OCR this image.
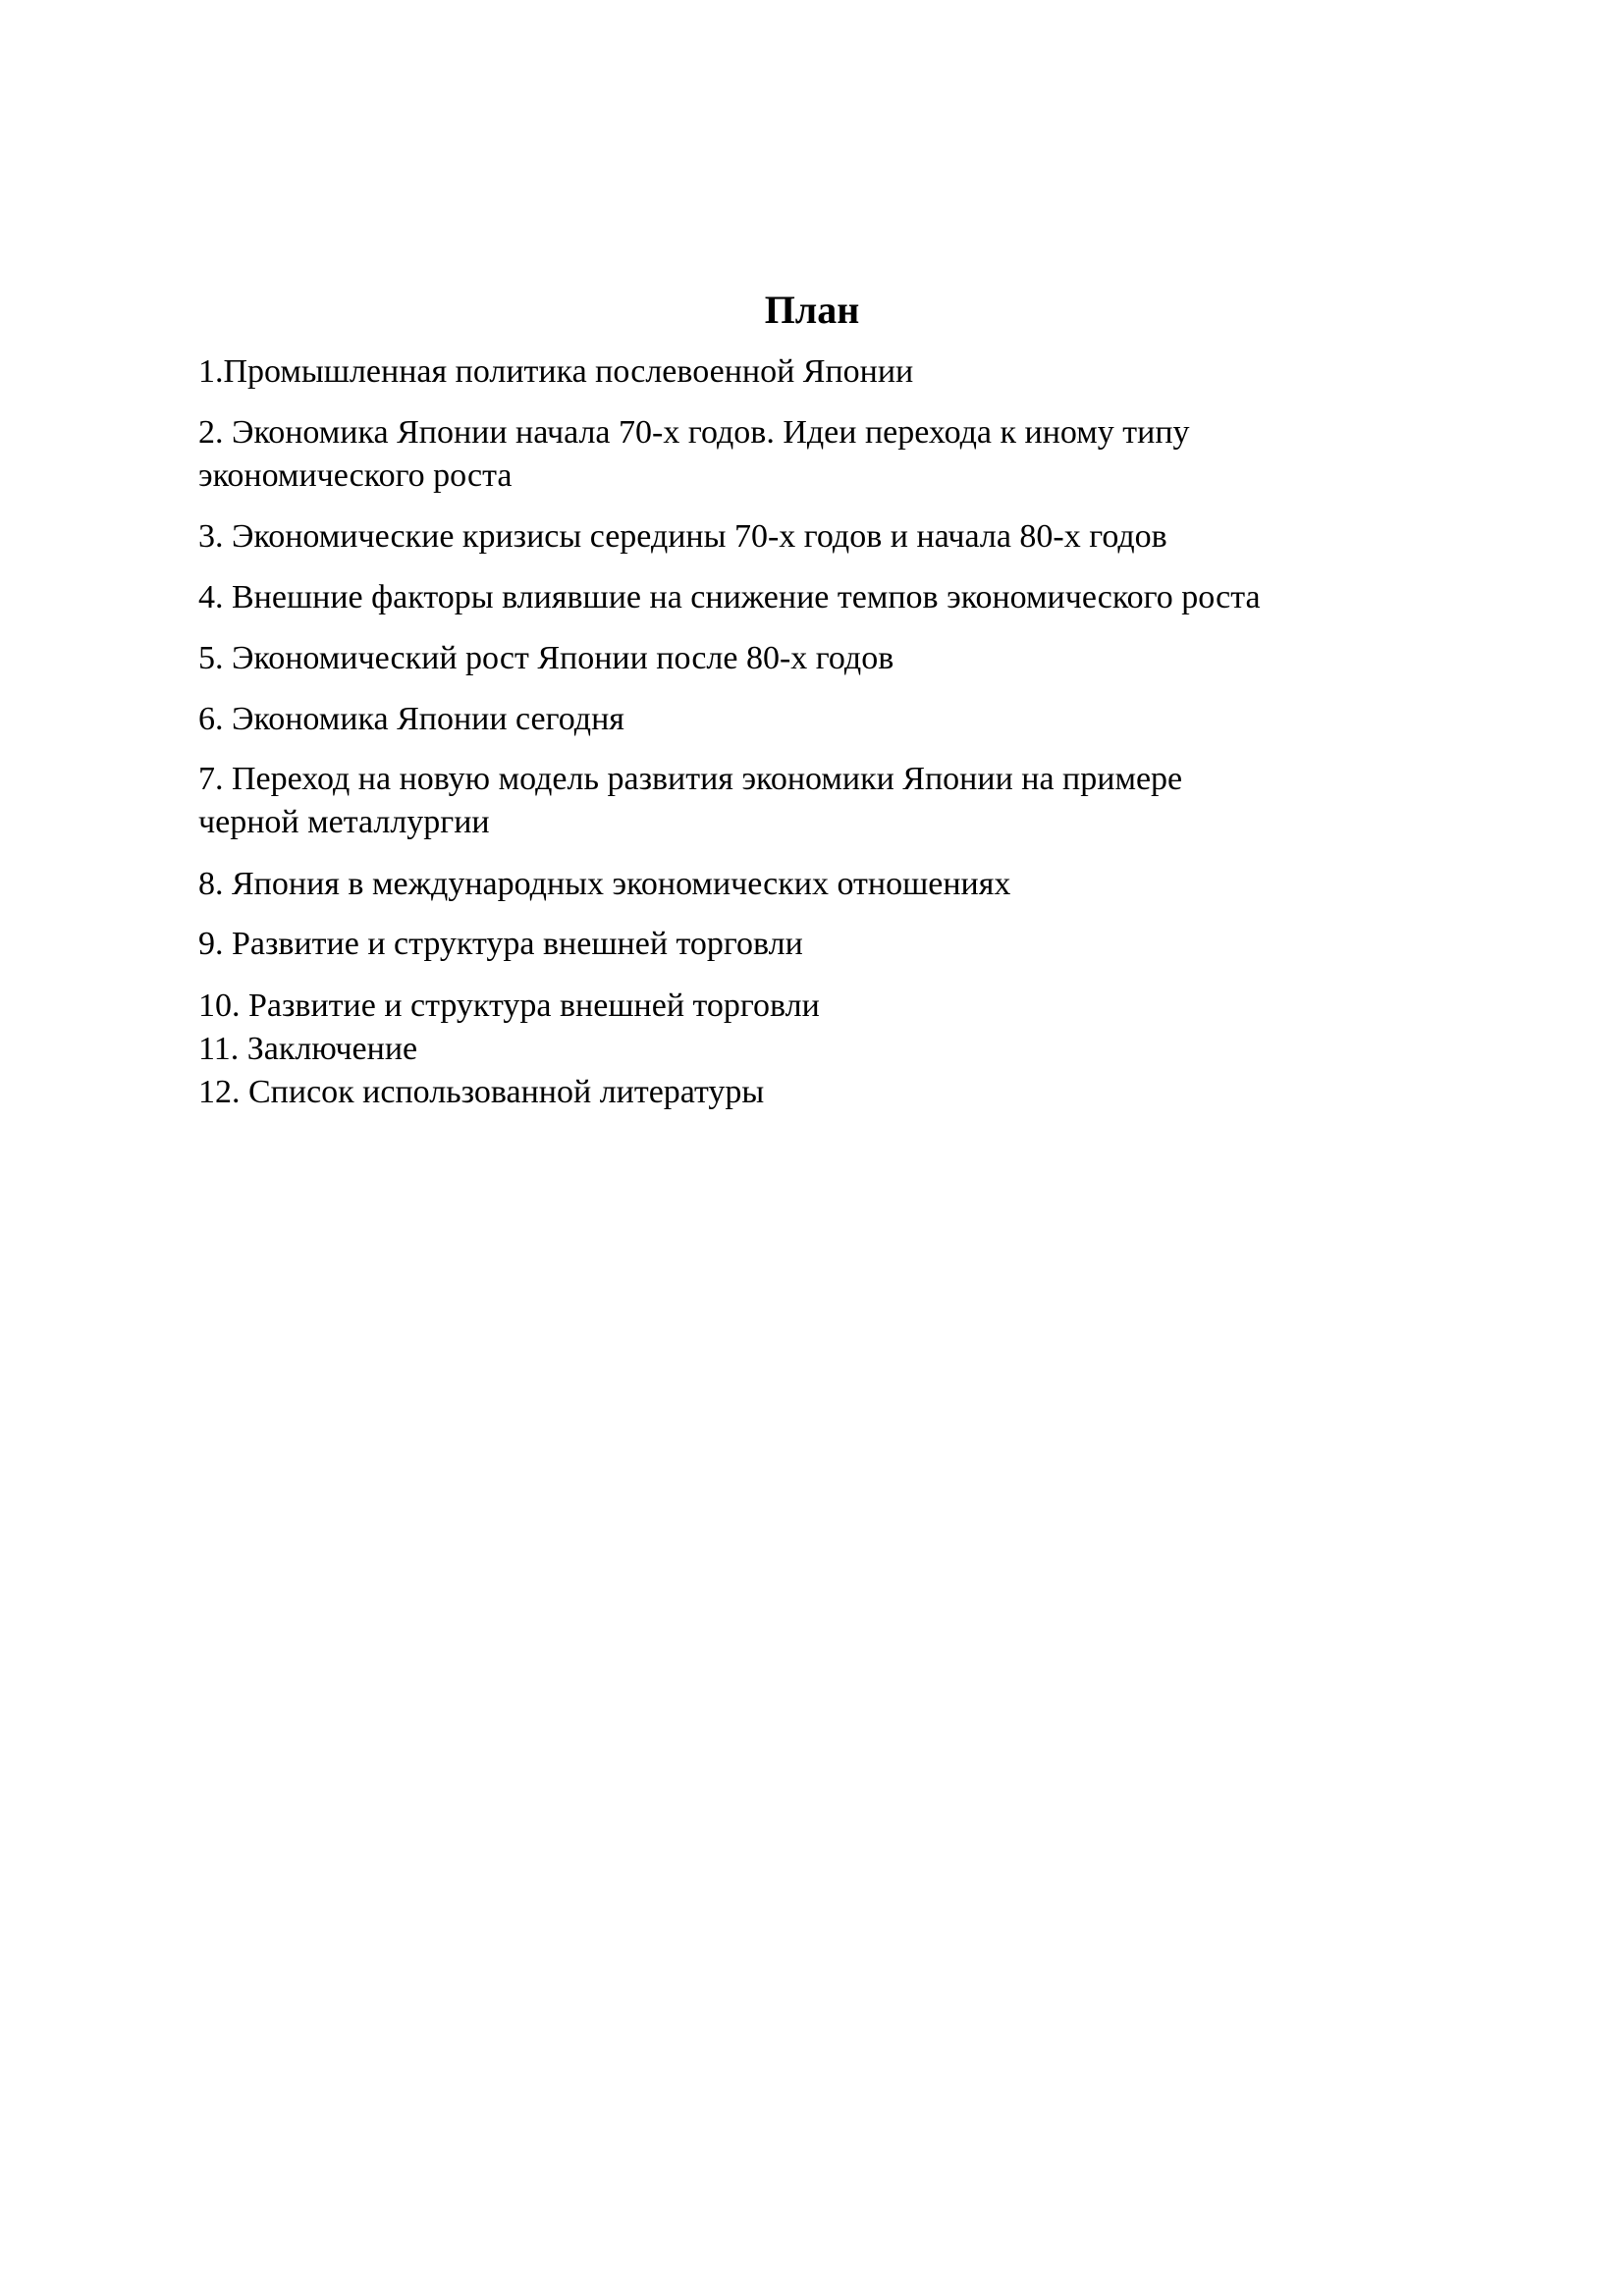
План
1.Промышленная политика послевоенной Японии
2. Экономика Японии начала 70-х годов. Идеи перехода к иному типу
экономического роста
3. Экономические кризисы середины 70-х годов и начала 80-х годов
4. Внешние факторы влиявшие на снижение темпов экономического роста
5. Экономический рост Японии после 80-х годов
6. Экономика Японии сегодня
7. Переход на новую модель развития экономики Японии на примере
черной металлургии
8. Япония в международных экономических отношениях
9. Развитие и структура внешней торговли
10. Развитие и структура внешней торговли
11. Заключение
12. Список использованной литературы
